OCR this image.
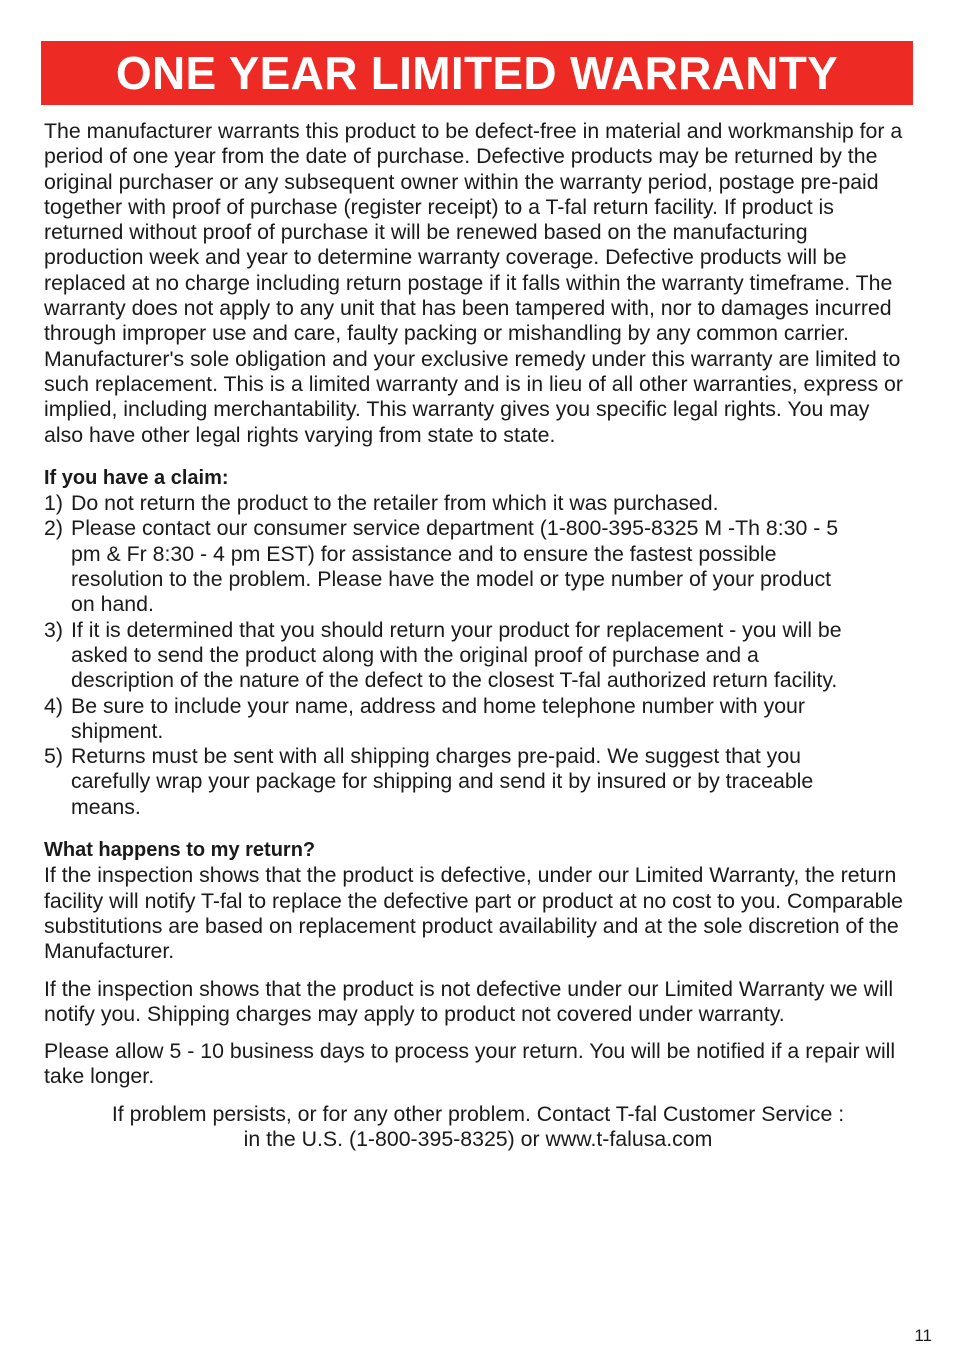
ONE YEAR LIMITED WARRANTY

The manufacturer warrants this product to be defect-free in material and workmanship for a period of one year from the date of purchase. Defective products may be returned by the original purchaser or any subsequent owner within the warranty period, postage pre-paid together with proof of purchase (register receipt) to a T-fal return facility. If product is returned without proof of purchase it will be renewed based on the manufacturing production week and year to determine warranty coverage. Defective products will be replaced at no charge including return postage if it falls within the warranty timeframe. The warranty does not apply to any unit that has been tampered with, nor to damages incurred through improper use and care, faulty packing or mishandling by any common carrier. Manufacturer's sole obligation and your exclusive remedy under this warranty are limited to such replacement. This is a limited warranty and is in lieu of all other warranties, express or implied, including merchantability. This warranty gives you specific legal rights. You may also have other legal rights varying from state to state.

If you have a claim:

1) Do not return the product to the retailer from which it was purchased.
2) Please contact our consumer service department (1-800-395-8325 M -Th 8:30 - 5 pm & Fr 8:30 - 4 pm EST) for assistance and to ensure the fastest possible resolution to the problem. Please have the model or type number of your product on hand.
3) If it is determined that you should return your product for replacement - you will be asked to send the product along with the original proof of purchase and a description of the nature of the defect to the closest T-fal authorized return facility.
4) Be sure to include your name, address and home telephone number with your shipment.
5) Returns must be sent with all shipping charges pre-paid. We suggest that you carefully wrap your package for shipping and send it by insured or by traceable means.

What happens to my return?

If the inspection shows that the product is defective, under our Limited Warranty, the return facility will notify T-fal to replace the defective part or product at no cost to you. Comparable substitutions are based on replacement product availability and at the sole discretion of the Manufacturer.

If the inspection shows that the product is not defective under our Limited Warranty we will notify you. Shipping charges may apply to product not covered under warranty.

Please allow 5 - 10 business days to process your return. You will be notified if a repair will take longer.

If problem persists, or for any other problem. Contact T-fal Customer Service :

in the U.S. (1-800-395-8325) or www.t-falusa.com

11
